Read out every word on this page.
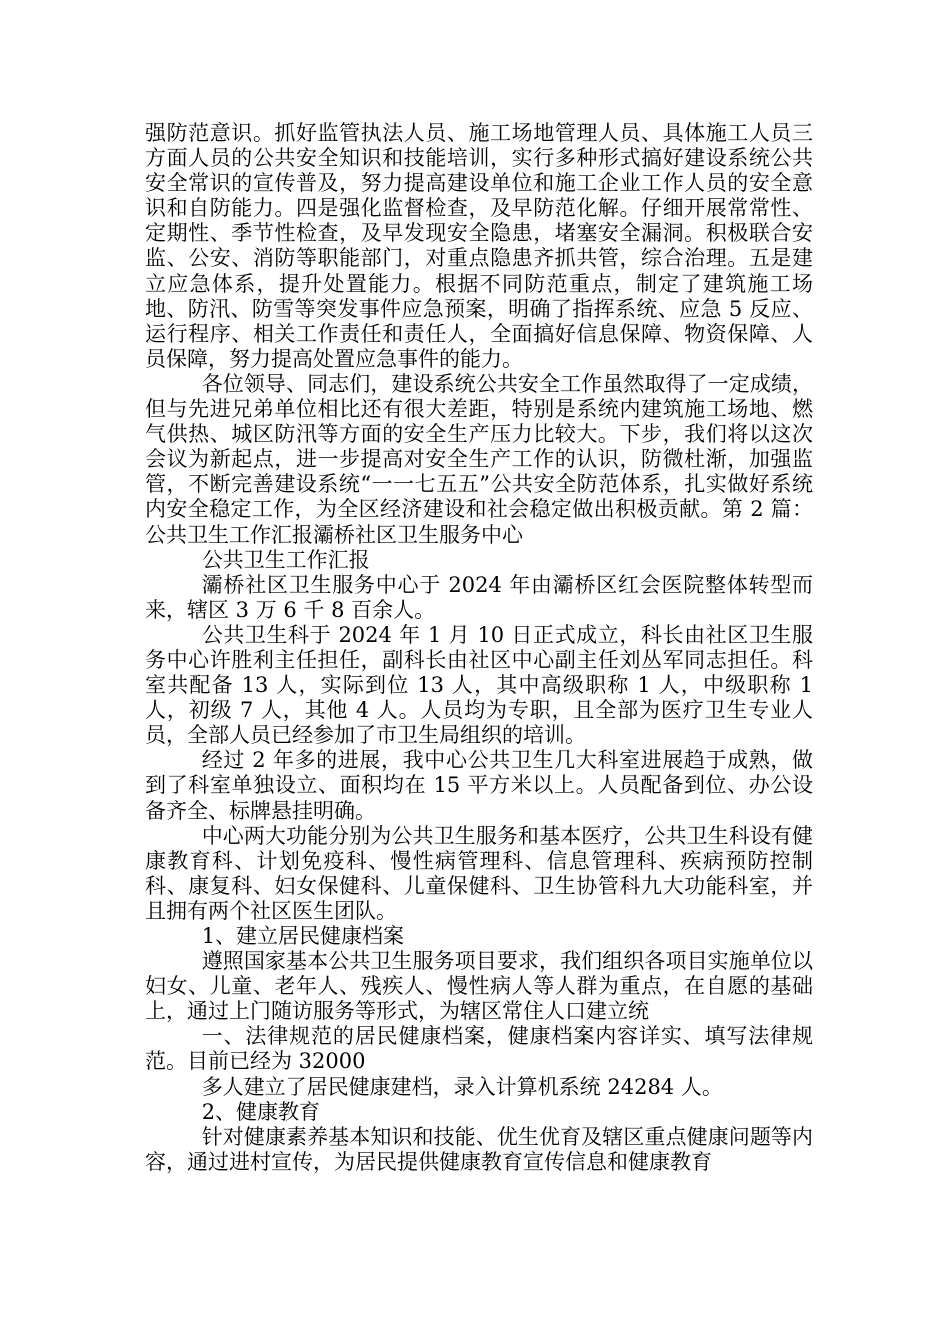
强防范意识。抓好监管执法人员、施工场地管理人员、具体施工人员三方面人员的公共安全知识和技能培训，实行多种形式搞好建设系统公共安全常识的宣传普及，努力提高建设单位和施工企业工作人员的安全意识和自防能力。四是强化监督检查，及早防范化解。仔细开展常常性、定期性、季节性检查，及早发现安全隐患，堵塞安全漏洞。积极联合安监、公安、消防等职能部门，对重点隐患齐抓共管，综合治理。五是建立应急体系，提升处置能力。根据不同防范重点，制定了建筑施工场地、防汛、防雪等突发事件应急预案，明确了指挥系统、应急 5 反应、运行程序、相关工作责任和责任人，全面搞好信息保障、物资保障、人员保障，努力提高处置应急事件的能力。

各位领导、同志们，建设系统公共安全工作虽然取得了一定成绩，但与先进兄弟单位相比还有很大差距，特别是系统内建筑施工场地、燃气供热、城区防汛等方面的安全生产压力比较大。下步，我们将以这次会议为新起点，进一步提高对安全生产工作的认识，防微杜渐，加强监管，不断完善建设系统“一一七五五”公共安全防范体系，扎实做好系统内安全稳定工作，为全区经济建设和社会稳定做出积极贡献。第 2 篇：公共卫生工作汇报灞桥社区卫生服务中心

公共卫生工作汇报

灞桥社区卫生服务中心于 2024 年由灞桥区红会医院整体转型而来，辖区 3 万 6 千 8 百余人。

公共卫生科于 2024 年 1 月 10 日正式成立，科长由社区卫生服务中心许胜利主任担任，副科长由社区中心副主任刘丛军同志担任。科室共配备 13 人，实际到位 13 人，其中高级职称 1 人，中级职称 1 人，初级 7 人，其他 4 人。人员均为专职，且全部为医疗卫生专业人员，全部人员已经参加了市卫生局组织的培训。

经过 2 年多的进展，我中心公共卫生几大科室进展趋于成熟，做到了科室单独设立、面积均在 15 平方米以上。人员配备到位、办公设备齐全、标牌悬挂明确。

中心两大功能分别为公共卫生服务和基本医疗，公共卫生科设有健康教育科、计划免疫科、慢性病管理科、信息管理科、疾病预防控制科、康复科、妇女保健科、儿童保健科、卫生协管科九大功能科室，并且拥有两个社区医生团队。

1、建立居民健康档案

遵照国家基本公共卫生服务项目要求，我们组织各项目实施单位以妇女、儿童、老年人、残疾人、慢性病人等人群为重点，在自愿的基础上，通过上门随访服务等形式，为辖区常住人口建立统

一、法律规范的居民健康档案，健康档案内容详实、填写法律规范。目前已经为 32000

多人建立了居民健康建档，录入计算机系统 24284 人。

2、健康教育

针对健康素养基本知识和技能、优生优育及辖区重点健康问题等内容，通过进村宣传，为居民提供健康教育宣传信息和健康教育
